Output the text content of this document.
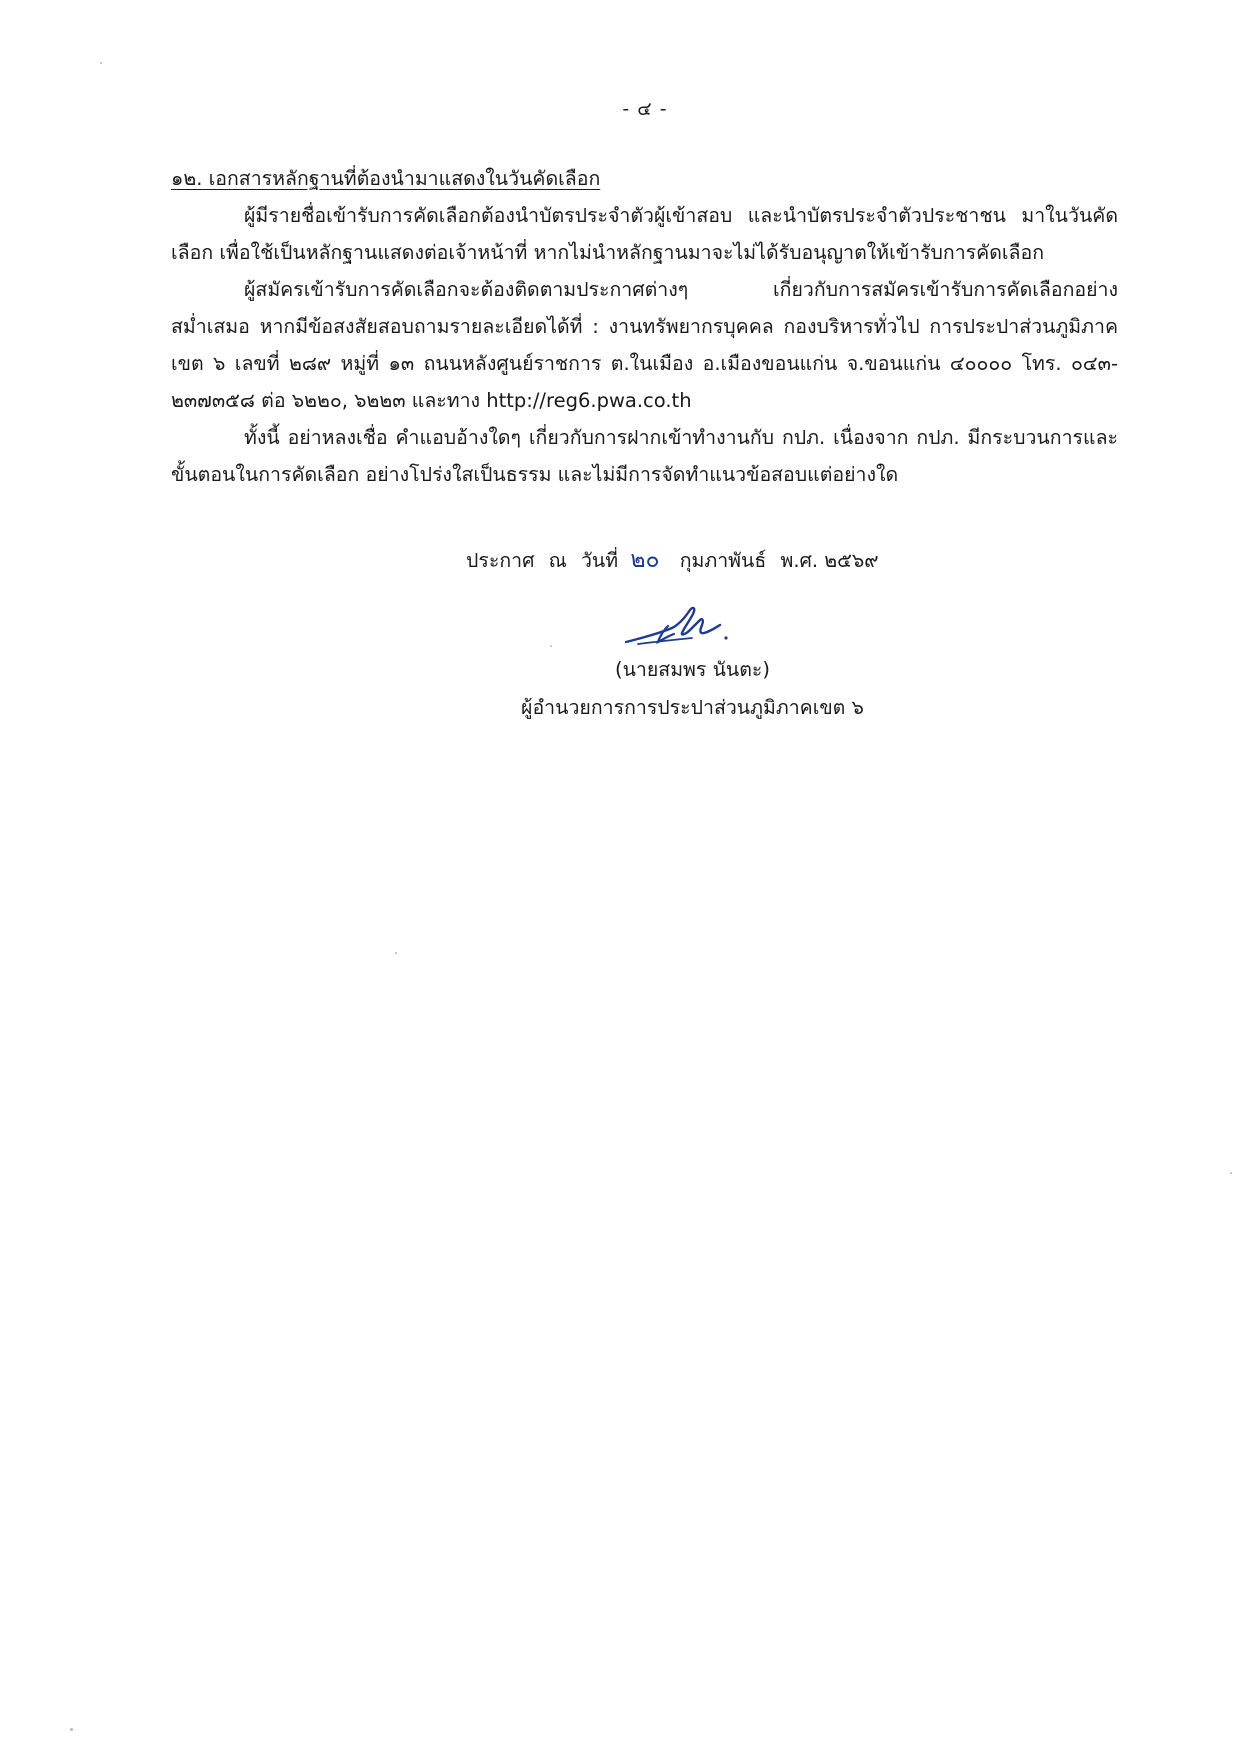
- ๔ -
๑๒. เอกสารหลักฐานที่ต้องนำมาแสดงในวันคัดเลือก

ผู้มีรายชื่อเข้ารับการคัดเลือกต้องนำบัตรประจำตัวผู้เข้าสอบ และนำบัตรประจำตัวประชาชน มาในวันคัดเลือก เพื่อใช้เป็นหลักฐานแสดงต่อเจ้าหน้าที่ หากไม่นำหลักฐานมาจะไม่ได้รับอนุญาตให้เข้ารับการคัดเลือก

ผู้สมัครเข้ารับการคัดเลือกจะต้องติดตามประกาศต่างๆ เกี่ยวกับการสมัครเข้ารับการคัดเลือกอย่างสม่ำเสมอ หากมีข้อสงสัยสอบถามรายละเอียดได้ที่ : งานทรัพยากรบุคคล กองบริหารทั่วไป การประปาส่วนภูมิภาคเขต ๖ เลขที่ ๒๘๙ หมู่ที่ ๑๓ ถนนหลังศูนย์ราชการ ต.ในเมือง อ.เมืองขอนแก่น จ.ขอนแก่น ๔๐๐๐๐ โทร. ๐๔๓- ๒๓๗๓๕๘ ต่อ ๖๒๒๐, ๖๒๒๓ และทาง http://reg6.pwa.co.th

ทั้งนี้ อย่าหลงเชื่อ คำแอบอ้างใดๆ เกี่ยวกับการฝากเข้าทำงานกับ กปภ. เนื่องจาก กปภ. มีกระบวนการและขั้นตอนในการคัดเลือก อย่างโปร่งใสเป็นธรรม และไม่มีการจัดทำแนวข้อสอบแต่อย่างใด

ประกาศ ณ วันที่ ๒๐ กุมภาพันธ์ พ.ศ. ๒๕๖๙
(นายสมพร นันตะ)
ผู้อำนวยการการประปาส่วนภูมิภาคเขต ๖
